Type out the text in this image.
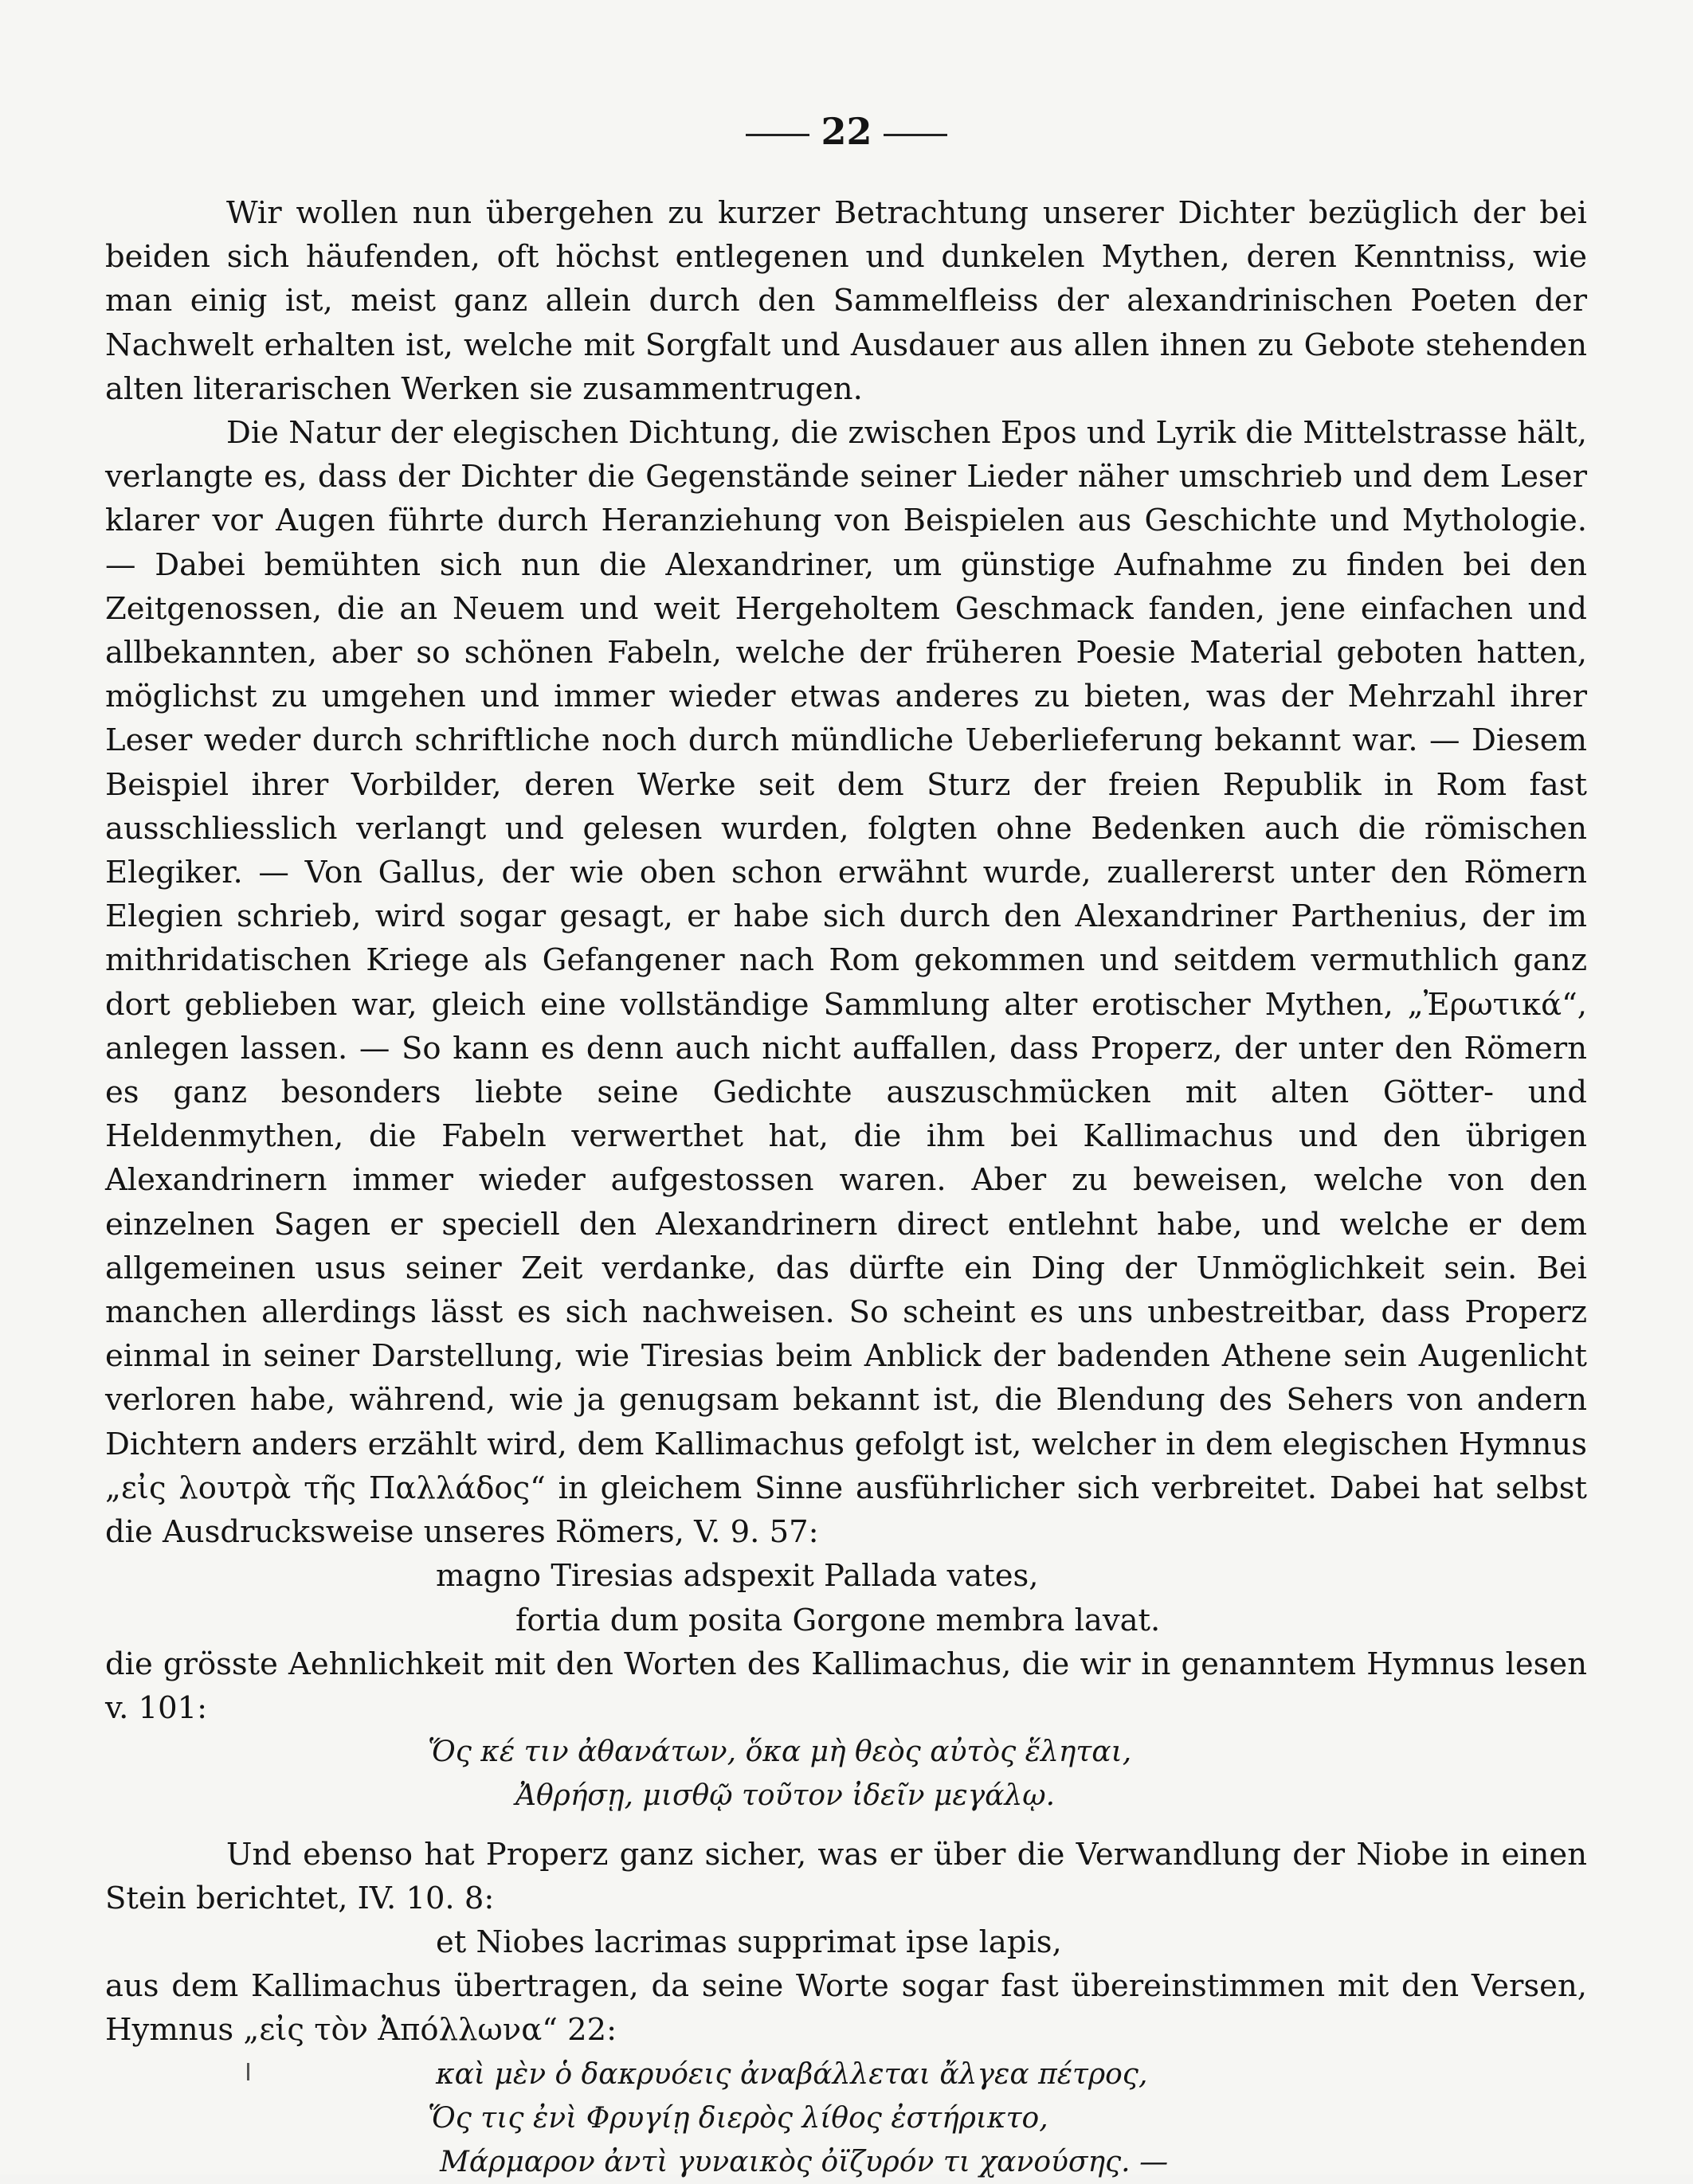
22

Wir wollen nun übergehen zu kurzer Betrachtung unserer Dichter bezüglich der bei beiden sich häufenden, oft höchst entlegenen und dunkelen Mythen, deren Kenntniss, wie man einig ist, meist ganz allein durch den Sammelfleiss der alexandrinischen Poeten der Nachwelt erhalten ist, welche mit Sorgfalt und Ausdauer aus allen ihnen zu Gebote stehenden alten literarischen Werken sie zusammentrugen.

Die Natur der elegischen Dichtung, die zwischen Epos und Lyrik die Mittelstrasse hält, verlangte es, dass der Dichter die Gegenstände seiner Lieder näher umschrieb und dem Leser klarer vor Augen führte durch Heranziehung von Beispielen aus Geschichte und Mythologie. — Dabei bemühten sich nun die Alexandriner, um günstige Aufnahme zu finden bei den Zeitgenossen, die an Neuem und weit Hergeholtem Geschmack fanden, jene einfachen und allbekannten, aber so schönen Fabeln, welche der früheren Poesie Material geboten hatten, möglichst zu umgehen und immer wieder etwas anderes zu bieten, was der Mehrzahl ihrer Leser weder durch schriftliche noch durch mündliche Ueberlieferung bekannt war. — Diesem Beispiel ihrer Vorbilder, deren Werke seit dem Sturz der freien Republik in Rom fast ausschliesslich verlangt und gelesen wurden, folgten ohne Bedenken auch die römischen Elegiker. — Von Gallus, der wie oben schon erwähnt wurde, zuallererst unter den Römern Elegien schrieb, wird sogar gesagt, er habe sich durch den Alexandriner Parthenius, der im mithridatischen Kriege als Gefangener nach Rom gekommen und seitdem vermuthlich ganz dort geblieben war, gleich eine vollständige Sammlung alter erotischer Mythen, „Ἐρωτικά“, anlegen lassen. — So kann es denn auch nicht auffallen, dass Properz, der unter den Römern es ganz besonders liebte seine Gedichte auszuschmücken mit alten Götter- und Heldenmythen, die Fabeln verwerthet hat, die ihm bei Kallimachus und den übrigen Alexandrinern immer wieder aufgestossen waren. Aber zu beweisen, welche von den einzelnen Sagen er speciell den Alexandrinern direct entlehnt habe, und welche er dem allgemeinen usus seiner Zeit verdanke, das dürfte ein Ding der Unmöglichkeit sein. Bei manchen allerdings lässt es sich nachweisen. So scheint es uns unbestreitbar, dass Properz einmal in seiner Darstellung, wie Tiresias beim Anblick der badenden Athene sein Augenlicht verloren habe, während, wie ja genugsam bekannt ist, die Blendung des Sehers von andern Dichtern anders erzählt wird, dem Kallimachus gefolgt ist, welcher in dem elegischen Hymnus „εἰς λουτρὰ τῆς Παλλάδος“ in gleichem Sinne ausführlicher sich verbreitet. Dabei hat selbst die Ausdrucksweise unseres Römers, V. 9. 57:

magno Tiresias adspexit Pallada vates,

fortia dum posita Gorgone membra lavat.

die grösste Aehnlichkeit mit den Worten des Kallimachus, die wir in genanntem Hymnus lesen v. 101:

Ὅς κέ τιν ἀθανάτων, ὅκα μὴ θεὸς αὐτὸς ἕληται,

Ἀθρήσῃ, μισθῷ τοῦτον ἰδεῖν μεγάλῳ.

Und ebenso hat Properz ganz sicher, was er über die Verwandlung der Niobe in einen Stein berichtet, IV. 10. 8:

et Niobes lacrimas supprimat ipse lapis,

aus dem Kallimachus übertragen, da seine Worte sogar fast übereinstimmen mit den Versen, Hymnus „εἰς τὸν Ἀπόλλωνα“ 22:

καὶ μὲν ὁ δακρυόεις ἀναβάλλεται ἄλγεα πέτρος,

Ὅς τις ἐνὶ Φρυγίῃ διερὸς λίθος ἐστήρικτο,

Μάρμαρον ἀντὶ γυναικὸς ὀϊζυρόν τι χανούσης. —
